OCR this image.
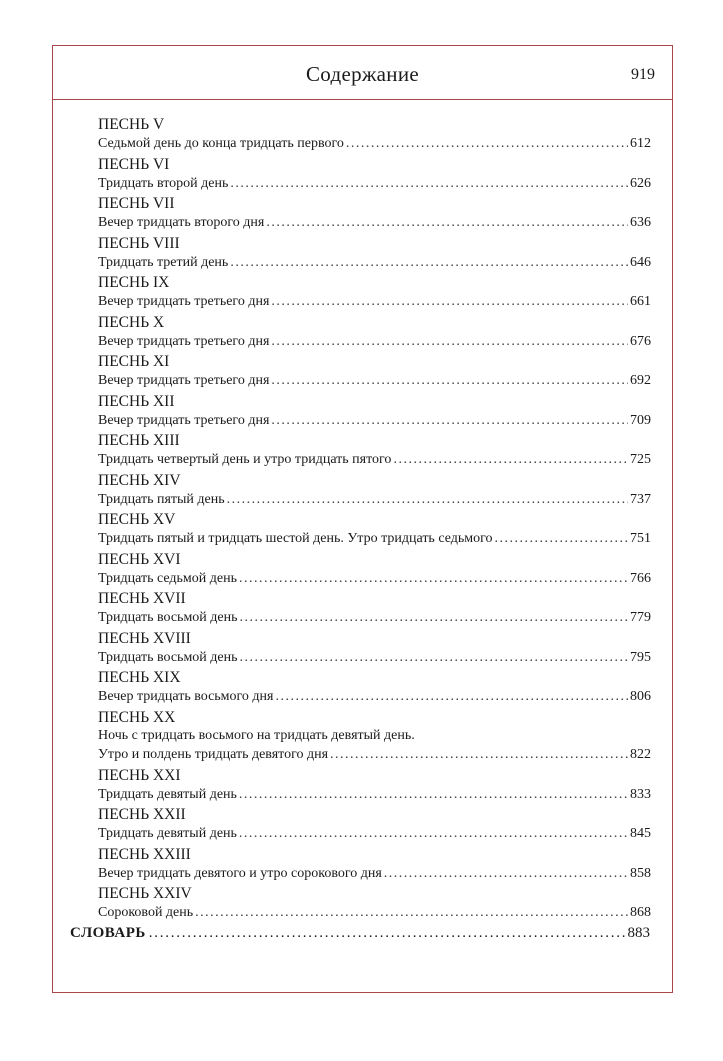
Содержание	919
ПЕСНЬ V
Седьмой день до конца тридцать первого . . .	612
ПЕСНЬ VI
Тридцать второй день . . .	626
ПЕСНЬ VII
Вечер тридцать второго дня . . .	636
ПЕСНЬ VIII
Тридцать третий день . . .	646
ПЕСНЬ IX
Вечер тридцать третьего дня . . .	661
ПЕСНЬ X
Вечер тридцать третьего дня . . .	676
ПЕСНЬ XI
Вечер тридцать третьего дня . . .	692
ПЕСНЬ XII
Вечер тридцать третьего дня . . .	709
ПЕСНЬ XIII
Тридцать четвертый день и утро тридцать пятого . . .	725
ПЕСНЬ XIV
Тридцать пятый день . . .	737
ПЕСНЬ XV
Тридцать пятый и тридцать шестой день. Утро тридцать седьмого . . .	751
ПЕСНЬ XVI
Тридцать седьмой день . . .	766
ПЕСНЬ XVII
Тридцать восьмой день . . .	779
ПЕСНЬ XVIII
Тридцать восьмой день . . .	795
ПЕСНЬ XIX
Вечер тридцать восьмого дня . . .	806
ПЕСНЬ XX
Ночь с тридцать восьмого на тридцать девятый день.
Утро и полдень тридцать девятого дня . . .	822
ПЕСНЬ XXI
Тридцать девятый день . . .	833
ПЕСНЬ XXII
Тридцать девятый день . . .	845
ПЕСНЬ XXIII
Вечер тридцать девятого и утро сорокового дня . . .	858
ПЕСНЬ XXIV
Сороковой день . . .	868
СЛОВАРЬ . . .	883
